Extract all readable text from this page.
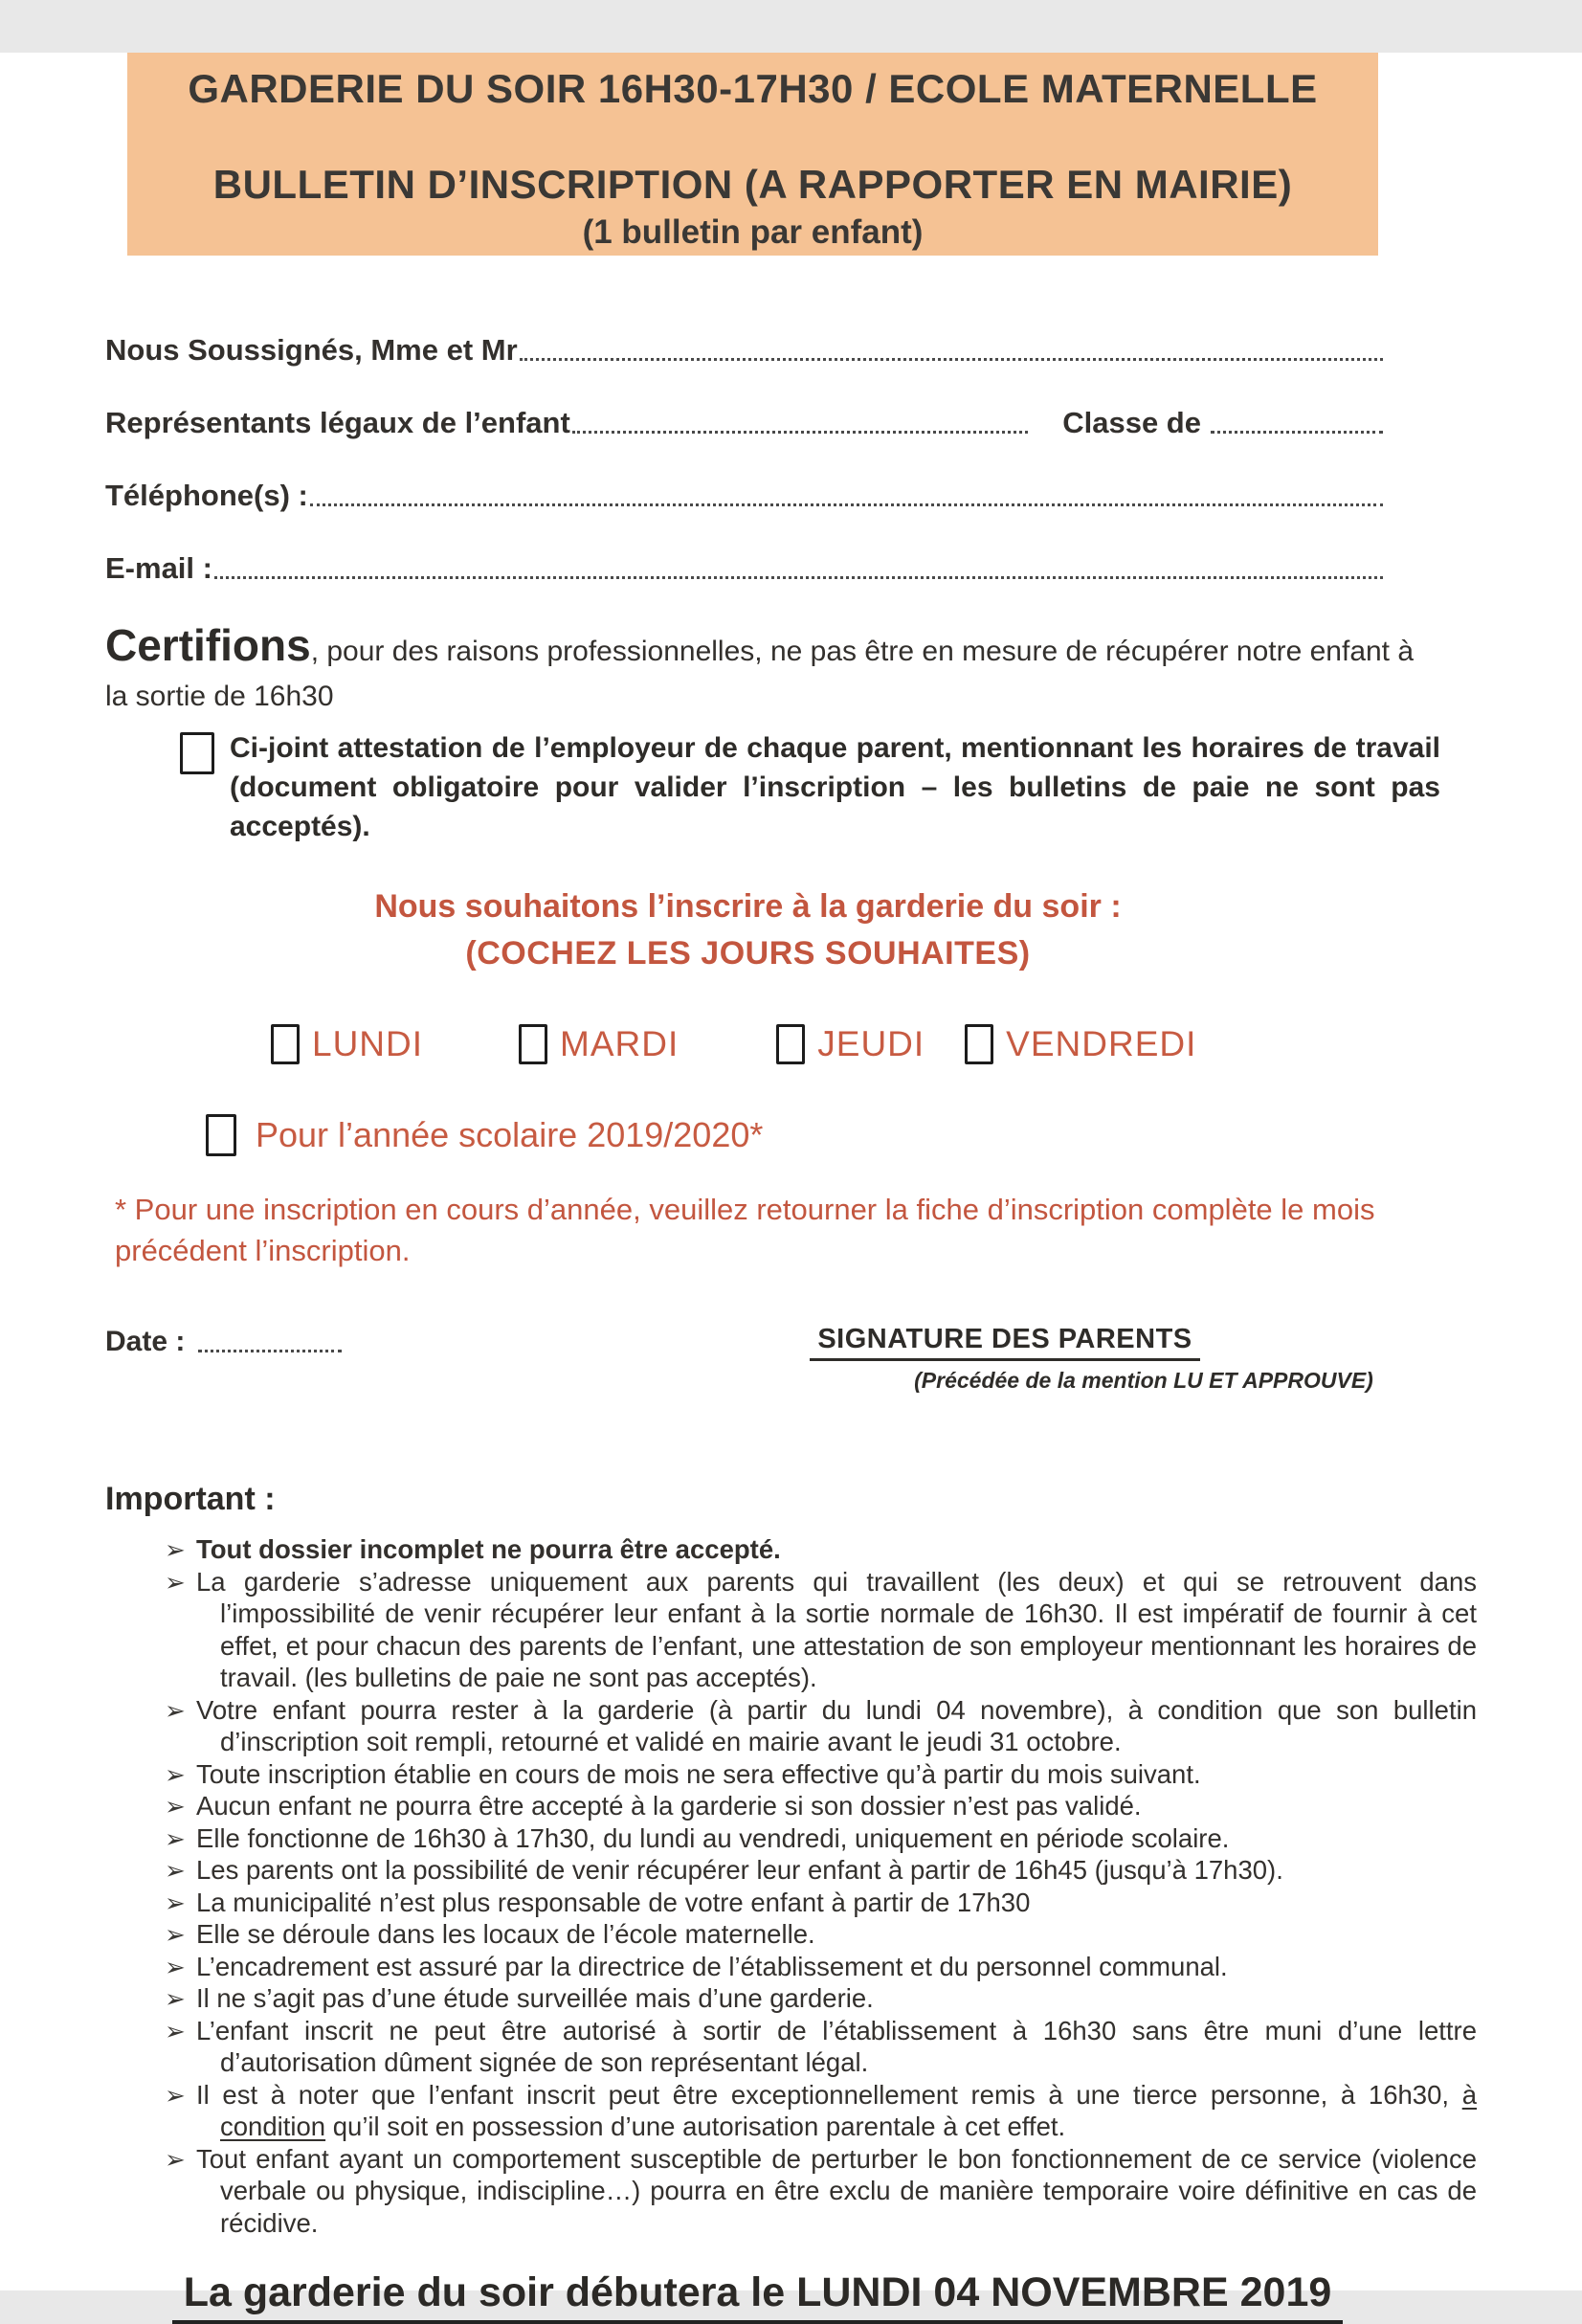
GARDERIE DU SOIR 16H30-17H30 / ECOLE MATERNELLE
BULLETIN D’INSCRIPTION (A RAPPORTER EN MAIRIE)
(1 bulletin par enfant)
Nous Soussignés, Mme et Mr
Représentants légaux de l’enfant	Classe de
Téléphone(s) :
E-mail :

Certifions, pour des raisons professionnelles, ne pas être en mesure de récupérer notre enfant à la sortie de 16h30

Ci-joint attestation de l’employeur de chaque parent, mentionnant les horaires de travail (document obligatoire pour valider l’inscription – les bulletins de paie ne sont pas acceptés).

Nous souhaitons l’inscrire à la garderie du soir :
(COCHEZ LES JOURS SOUHAITES)
LUNDI	MARDI	JEUDI VENDREDI
Pour l’année scolaire 2019/2020*

* Pour une inscription en cours d’année, veuillez retourner la fiche d’inscription complète le mois précédent l’inscription.

Date :	SIGNATURE DES PARENTS
(Précédée de la mention LU ET APPROUVE)
Important :
➢ Tout dossier incomplet ne pourra être accepté.
➢ La garderie s’adresse uniquement aux parents qui travaillent (les deux) et qui se retrouvent dans l’impossibilité de venir récupérer leur enfant à la sortie normale de 16h30. Il est impératif de fournir à cet effet, et pour chacun des parents de l’enfant, une attestation de son employeur mentionnant les horaires de travail. (les bulletins de paie ne sont pas acceptés).
➢ Votre enfant pourra rester à la garderie (à partir du lundi 04 novembre), à condition que son bulletin d’inscription soit rempli, retourné et validé en mairie avant le jeudi 31 octobre.
➢ Toute inscription établie en cours de mois ne sera effective qu’à partir du mois suivant.
➢ Aucun enfant ne pourra être accepté à la garderie si son dossier n’est pas validé.
➢ Elle fonctionne de 16h30 à 17h30, du lundi au vendredi, uniquement en période scolaire.
➢ Les parents ont la possibilité de venir récupérer leur enfant à partir de 16h45 (jusqu’à 17h30).
➢ La municipalité n’est plus responsable de votre enfant à partir de 17h30
➢ Elle se déroule dans les locaux de l’école maternelle.
➢ L’encadrement est assuré par la directrice de l’établissement et du personnel communal.
➢ Il ne s’agit pas d’une étude surveillée mais d’une garderie.
➢ L’enfant inscrit ne peut être autorisé à sortir de l’établissement à 16h30 sans être muni d’une lettre d’autorisation dûment signée de son représentant légal.
➢ Il est à noter que l’enfant inscrit peut être exceptionnellement remis à une tierce personne, à 16h30, à condition qu’il soit en possession d’une autorisation parentale à cet effet.
➢ Tout enfant ayant un comportement susceptible de perturber le bon fonctionnement de ce service (violence verbale ou physique, indiscipline…) pourra en être exclu de manière temporaire voire définitive en cas de récidive.
La garderie du soir débutera le LUNDI 04 NOVEMBRE 2019
